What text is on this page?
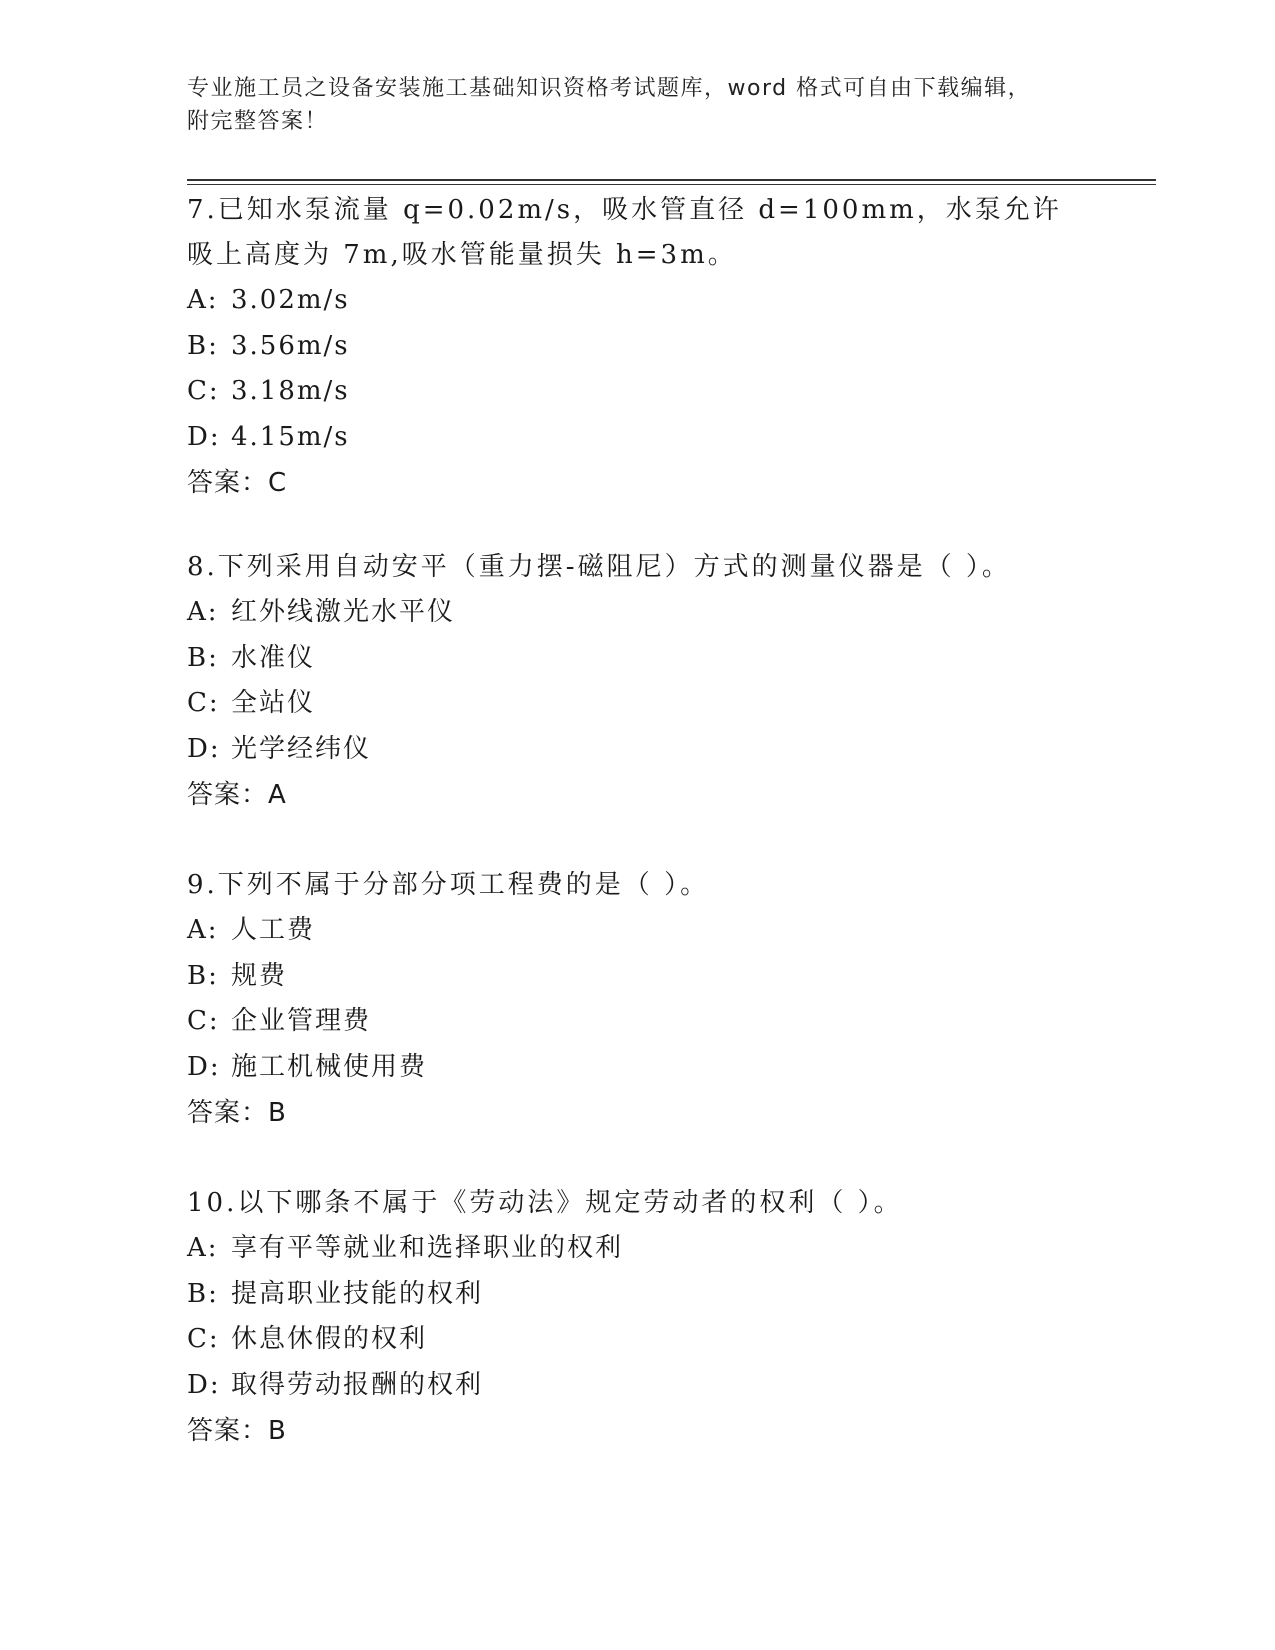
专业施工员之设备安装施工基础知识资格考试题库，word 格式可自由下载编辑，
附完整答案！

7.已知水泵流量 q=0.02m/s，吸水管直径 d=100mm，水泵允许吸上高度为 7m,吸水管能量损失 h=3m。

A: 3.02m/s

B: 3.56m/s

C: 3.18m/s

D: 4.15m/s

答案：C

8.下列采用自动安平（重力摆-磁阻尼）方式的测量仪器是（ ）。

A: 红外线激光水平仪

B: 水准仪

C: 全站仪

D: 光学经纬仪

答案：A

9.下列不属于分部分项工程费的是（ ）。

A: 人工费

B: 规费

C: 企业管理费

D: 施工机械使用费

答案：B

10.以下哪条不属于《劳动法》规定劳动者的权利（ ）。

A: 享有平等就业和选择职业的权利

B: 提高职业技能的权利

C: 休息休假的权利

D: 取得劳动报酬的权利

答案：B
